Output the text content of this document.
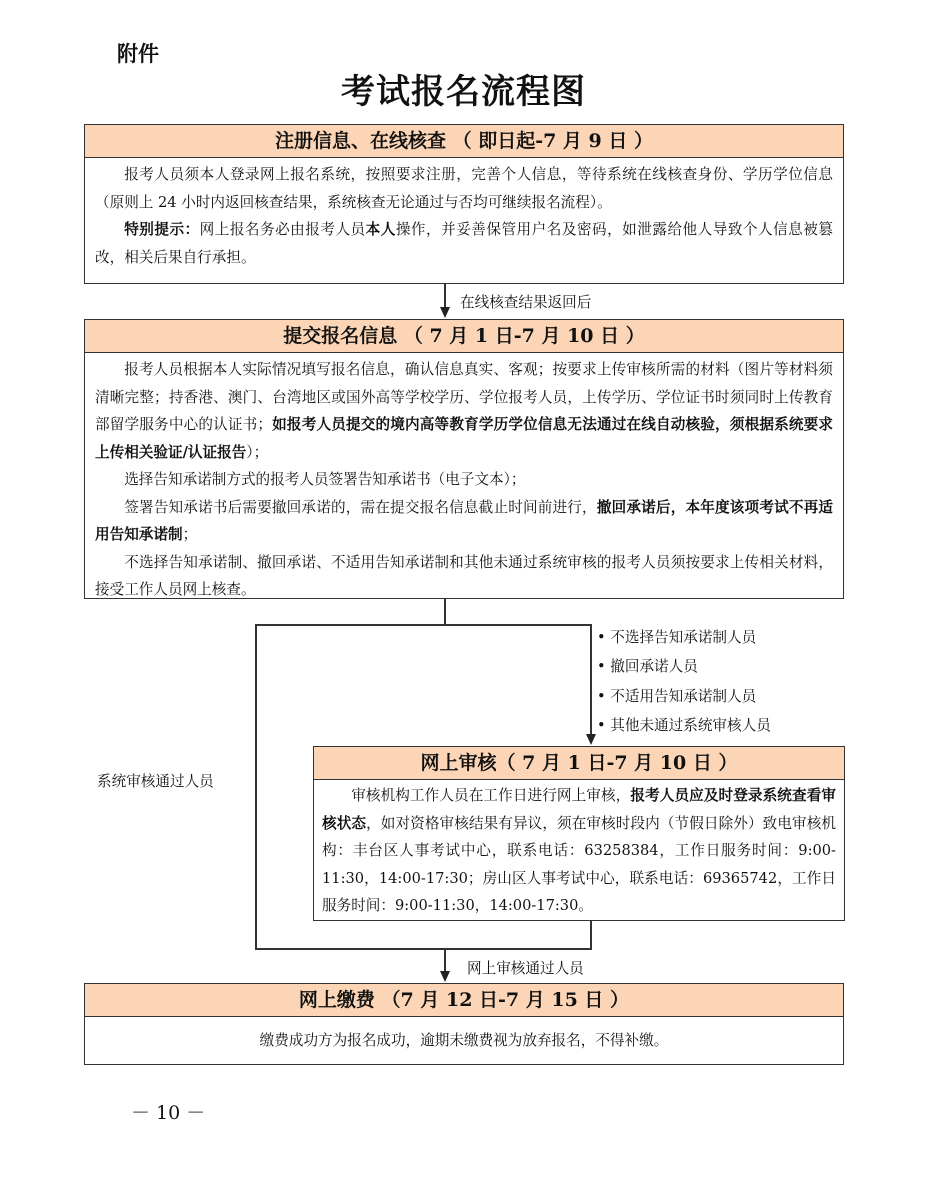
附件
考试报名流程图
注册信息、在线核查 （ 即日起-7 月 9 日 ）

报考人员须本人登录网上报名系统，按照要求注册，完善个人信息，等待系统在线核查身份、学历学位信息（原则上 24 小时内返回核查结果，系统核查无论通过与否均可继续报名流程）。

特别提示：网上报名务必由报考人员本人操作，并妥善保管用户名及密码，如泄露给他人导致个人信息被篡改，相关后果自行承担。

在线核查结果返回后
提交报名信息 （ 7 月 1 日-7 月 10 日 ）

报考人员根据本人实际情况填写报名信息，确认信息真实、客观；按要求上传审核所需的材料（图片等材料须清晰完整；持香港、澳门、台湾地区或国外高等学校学历、学位报考人员，上传学历、学位证书时须同时上传教育部留学服务中心的认证书；如报考人员提交的境内高等教育学历学位信息无法通过在线自动核验，须根据系统要求上传相关验证/认证报告）；

选择告知承诺制方式的报考人员签署告知承诺书（电子文本）；

签署告知承诺书后需要撤回承诺的，需在提交报名信息截止时间前进行，撤回承诺后，本年度该项考试不再适用告知承诺制；

不选择告知承诺制、撤回承诺、不适用告知承诺制和其他未通过系统审核的报考人员须按要求上传相关材料，接受工作人员网上核查。

系统审核通过人员
• 不选择告知承诺制人员
• 撤回承诺人员
• 不适用告知承诺制人员
• 其他未通过系统审核人员
网上审核（ 7 月 1 日-7 月 10 日 ）

审核机构工作人员在工作日进行网上审核，报考人员应及时登录系统查看审核状态，如对资格审核结果有异议，须在审核时段内（节假日除外）致电审核机构：丰台区人事考试中心，联系电话：63258384，工作日服务时间：9:00-11:30，14:00-17:30；房山区人事考试中心，联系电话：69365742，工作日服务时间：9:00-11:30，14:00-17:30。

网上审核通过人员
网上缴费 （7 月 12 日-7 月 15 日 ）
缴费成功方为报名成功，逾期未缴费视为放弃报名，不得补缴。
－ 10 －
